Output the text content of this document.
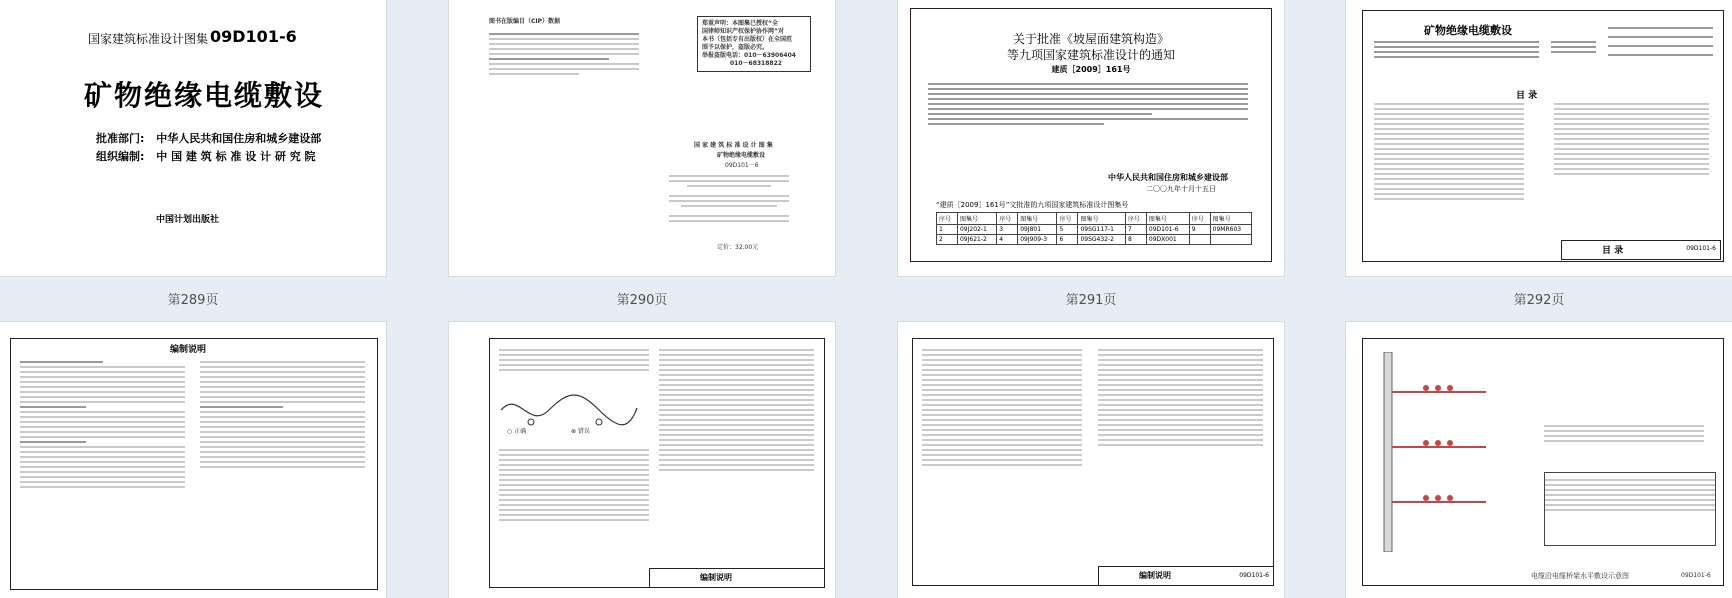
国家建筑标准设计图集 09D101-6
矿物绝缘电缆敷设
批准部门: 中华人民共和国住房和城乡建设部
组织编制: 中 国 建 筑 标 准 设 计 研 究 院
中国计划出版社
第289页
图书在版编目（CIP）数据	郑重声明：本图集已授权“全
国律师知识产权保护协作网”对
本书（包括专有出版权）在全国范
围予以保护，盗版必究。
举报盗版电话：010－63906404
010－68318822
国 家 建 筑 标 准 设 计 图 集
矿物绝缘电缆敷设
09D101－6
定价：32.00元
第290页
关于批准《坡屋面建筑构造》
等九项国家建筑标准设计的通知
建质［2009］161号
中华人民共和国住房和城乡建设部
二〇〇九年十月十五日
“建质［2009］161号”文批准的九项国家建筑标准设计图集号
序号	图集号	序号	图集号	序号	图集号	序号	图集号	序号	图集号
1	09J202-1	3	09J801	5	09SG117-1	7	09D101-6	9	09MR603
2	09J621-2	4	09J909-3	6	09SG432-2	8	09DX001		
第291页
矿物绝缘电缆敷设
目 录
目 录	09D101-6
第292页
编制说明
○ 正确	⊗ 错误
编制说明	编制说明	09D101-6	电缆沿电缆桥架水平敷设示意图	09D101-6
